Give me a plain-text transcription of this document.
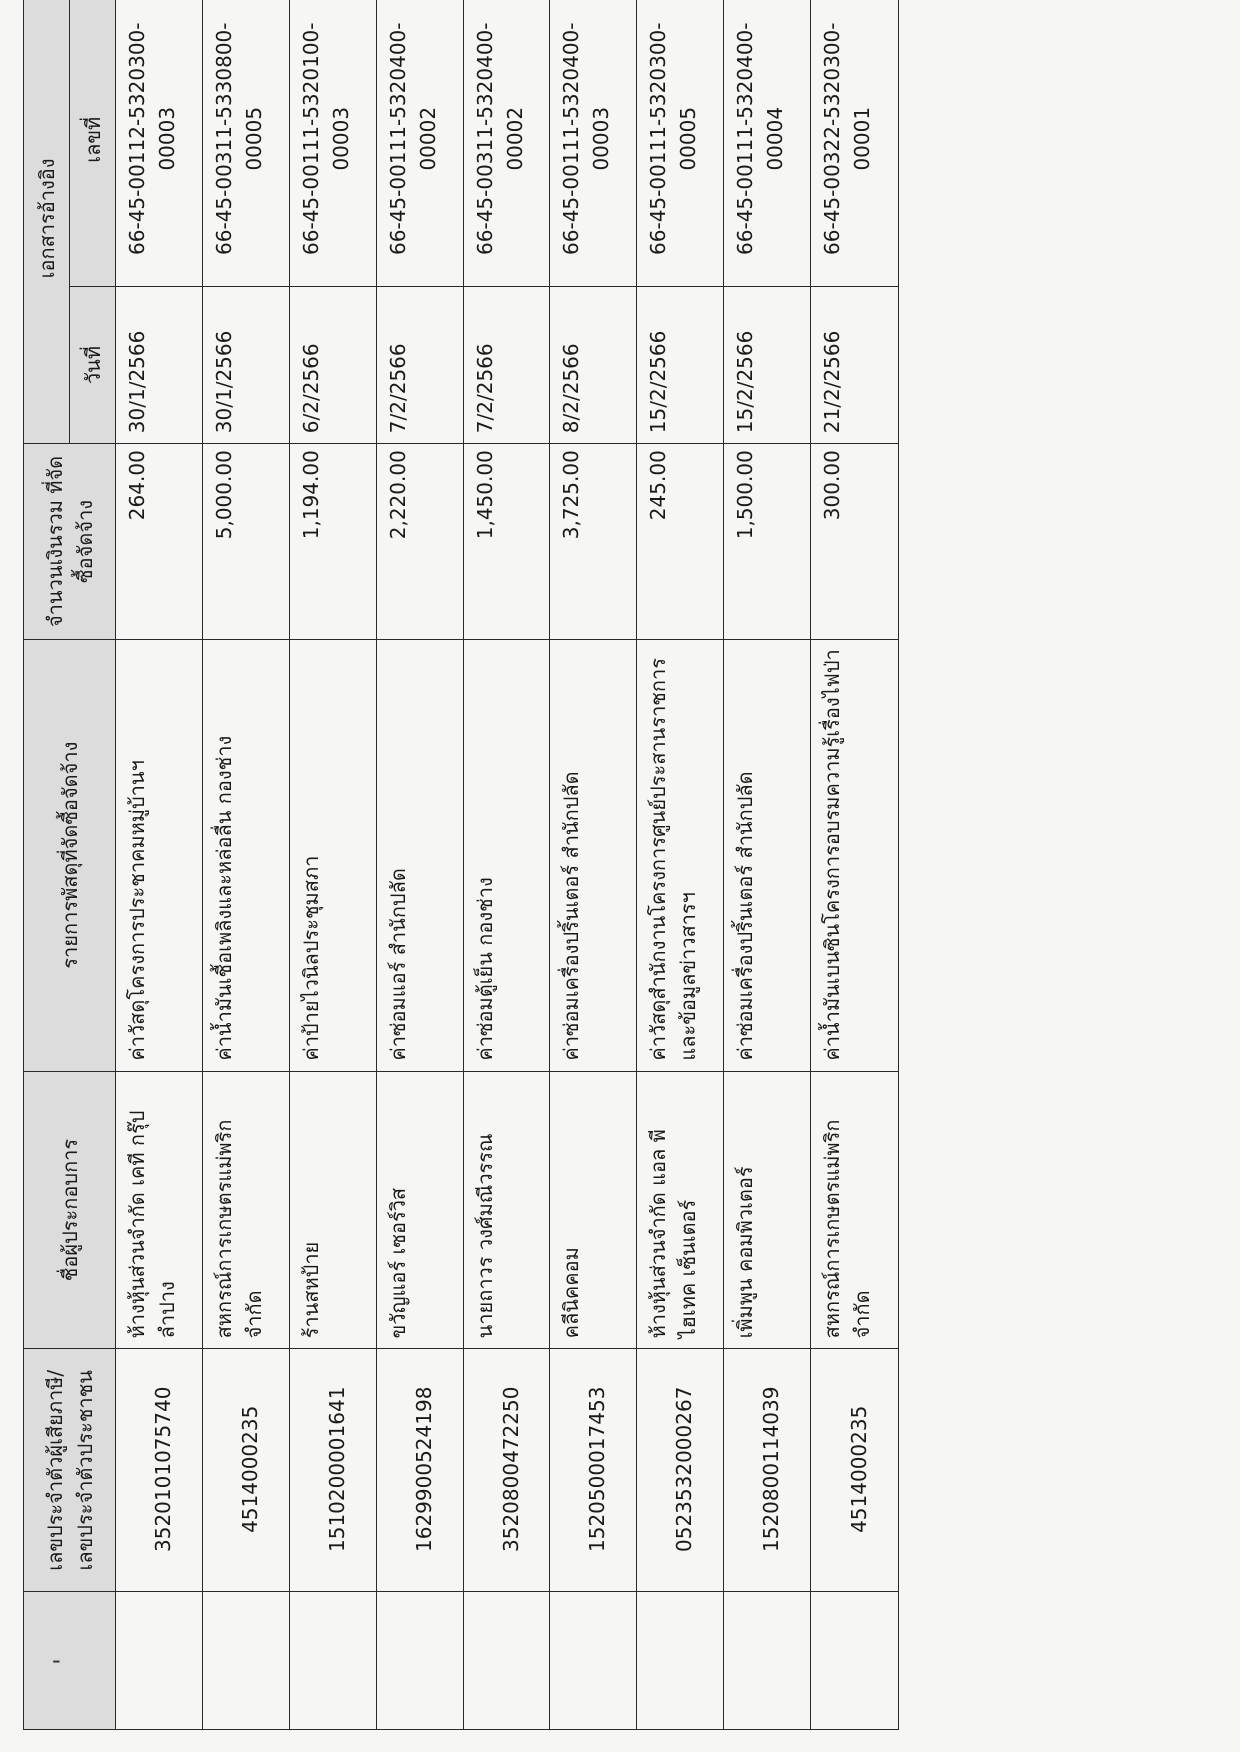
	เลขประจำตัวผู้เสียภาษี/ เลขประจำตัวประชาชน	ชื่อผู้ประกอบการ	รายการพัสดุที่จัดซื้อจัดจ้าง	จำนวนเงินรวม ที่จัดซื้อจัดจ้าง	เอกสารอ้างอิง	
					วันที่	เลขที่	
	3520101075740	ห้างหุ้นส่วนจำกัด เคที กรุ๊ป ลำปาง	ค่าวัสดุโครงการประชาคมหมู่บ้านฯ	264.00	30/1/2566	66-45-00112-5320300-00003	
	4514000235	สหกรณ์การเกษตรแม่พริก จำกัด	ค่าน้ำมันเชื้อเพลิงและหล่อลื่น กองช่าง	5,000.00	30/1/2566	66-45-00311-5330800-00005	
	1510200001641	ร้านสหป้าย	ค่าป้ายไวนิลประชุมสภา	1,194.00	6/2/2566	66-45-00111-5320100-00003	
	1629900524198	ขวัญแอร์ เซอร์วิส	ค่าซ่อมแอร์ สำนักปลัด	2,220.00	7/2/2566	66-45-00111-5320400-00002	
	3520800472250	นายถาวร วงศ์มณีวรรณ	ค่าซ่อมตู้เย็น กองช่าง	1,450.00	7/2/2566	66-45-00311-5320400-00002	
	1520500017453	คลีนิคคอม	ค่าซ่อมเครื่องปริ้นเตอร์ สำนักปลัด	3,725.00	8/2/2566	66-45-00111-5320400-00003	
	0523532000267	ห้างหุ้นส่วนจำกัด แอล พี ไฮเทค เซ็นเตอร์	ค่าวัสดุสำนักงานโครงการศูนย์ประสานราชการและข้อมูลข่าวสารฯ	245.00	15/2/2566	66-45-00111-5320300-00005	
	1520800114039	เพิ่มพูน คอมพิวเตอร์	ค่าซ่อมเครื่องปริ้นเตอร์ สำนักปลัด	1,500.00	15/2/2566	66-45-00111-5320400-00004	
	4514000235	สหกรณ์การเกษตรแม่พริก จำกัด	ค่าน้ำมันเบนซินโครงการอบรมความรู้เรื่องไฟป่า	300.00	21/2/2566	66-45-00322-5320300-00001	
-
